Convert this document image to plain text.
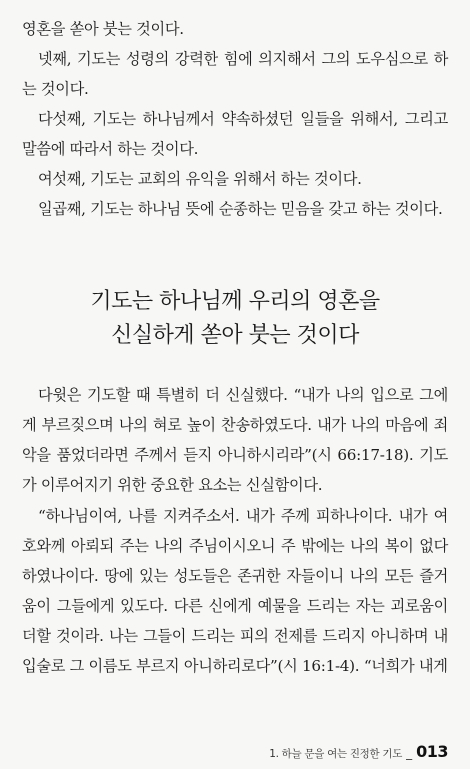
영혼을 쏟아 붓는 것이다.

넷째, 기도는 성령의 강력한 힘에 의지해서 그의 도우심으로 하는 것이다.

다섯째, 기도는 하나님께서 약속하셨던 일들을 위해서, 그리고 말씀에 따라서 하는 것이다.

여섯째, 기도는 교회의 유익을 위해서 하는 것이다.

일곱째, 기도는 하나님 뜻에 순종하는 믿음을 갖고 하는 것이다.

기도는 하나님께 우리의 영혼을
신실하게 쏟아 붓는 것이다

다윗은 기도할 때 특별히 더 신실했다. “내가 나의 입으로 그에게 부르짖으며 나의 혀로 높이 찬송하였도다. 내가 나의 마음에 죄악을 품었더라면 주께서 듣지 아니하시리라”(시 66:17-18). 기도가 이루어지기 위한 중요한 요소는 신실함이다.

“하나님이여, 나를 지켜주소서. 내가 주께 피하나이다. 내가 여호와께 아뢰되 주는 나의 주님이시오니 주 밖에는 나의 복이 없다 하였나이다. 땅에 있는 성도들은 존귀한 자들이니 나의 모든 즐거움이 그들에게 있도다. 다른 신에게 예물을 드리는 자는 괴로움이 더할 것이라. 나는 그들이 드리는 피의 전제를 드리지 아니하며 내 입술로 그 이름도 부르지 아니하리로다”(시 16:1-4). “너희가 내게

1. 하늘 문을 여는 진정한 기도 _ 013
